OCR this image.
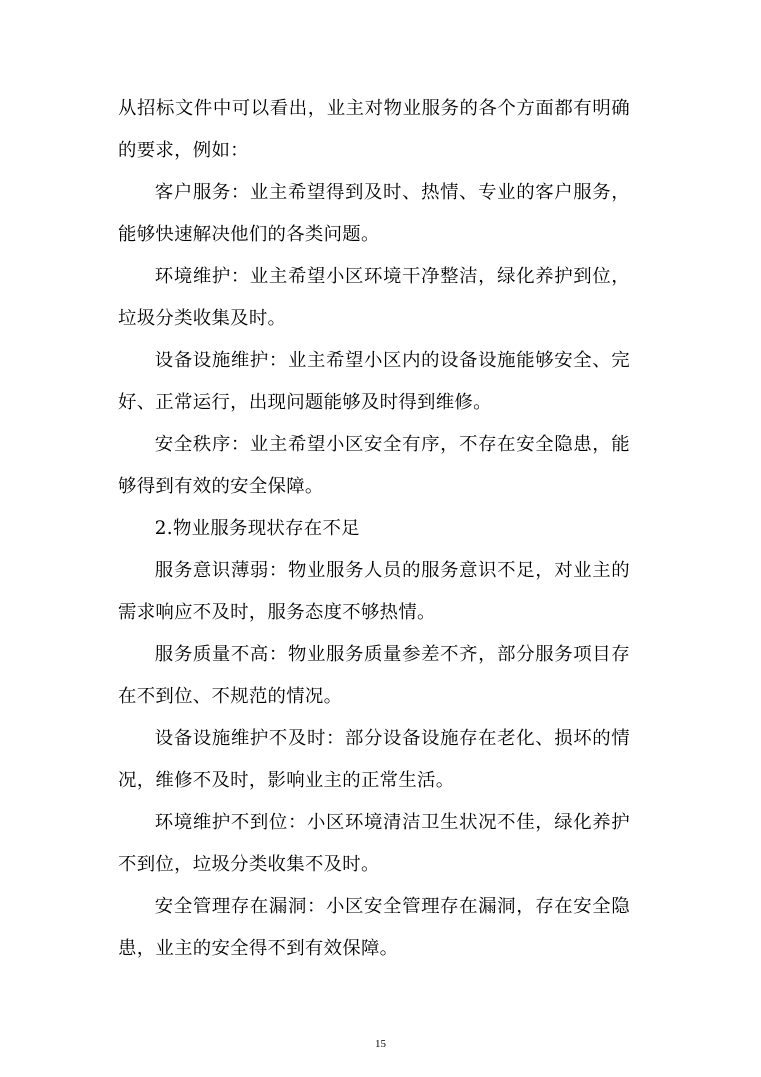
从招标文件中可以看出，业主对物业服务的各个方面都有明确的要求，例如：

客户服务：业主希望得到及时、热情、专业的客户服务，能够快速解决他们的各类问题。

环境维护：业主希望小区环境干净整洁，绿化养护到位，垃圾分类收集及时。

设备设施维护：业主希望小区内的设备设施能够安全、完好、正常运行，出现问题能够及时得到维修。

安全秩序：业主希望小区安全有序，不存在安全隐患，能够得到有效的安全保障。

2.物业服务现状存在不足

服务意识薄弱：物业服务人员的服务意识不足，对业主的需求响应不及时，服务态度不够热情。

服务质量不高：物业服务质量参差不齐，部分服务项目存在不到位、不规范的情况。

设备设施维护不及时：部分设备设施存在老化、损坏的情况，维修不及时，影响业主的正常生活。

环境维护不到位：小区环境清洁卫生状况不佳，绿化养护不到位，垃圾分类收集不及时。

安全管理存在漏洞：小区安全管理存在漏洞，存在安全隐患，业主的安全得不到有效保障。

15
